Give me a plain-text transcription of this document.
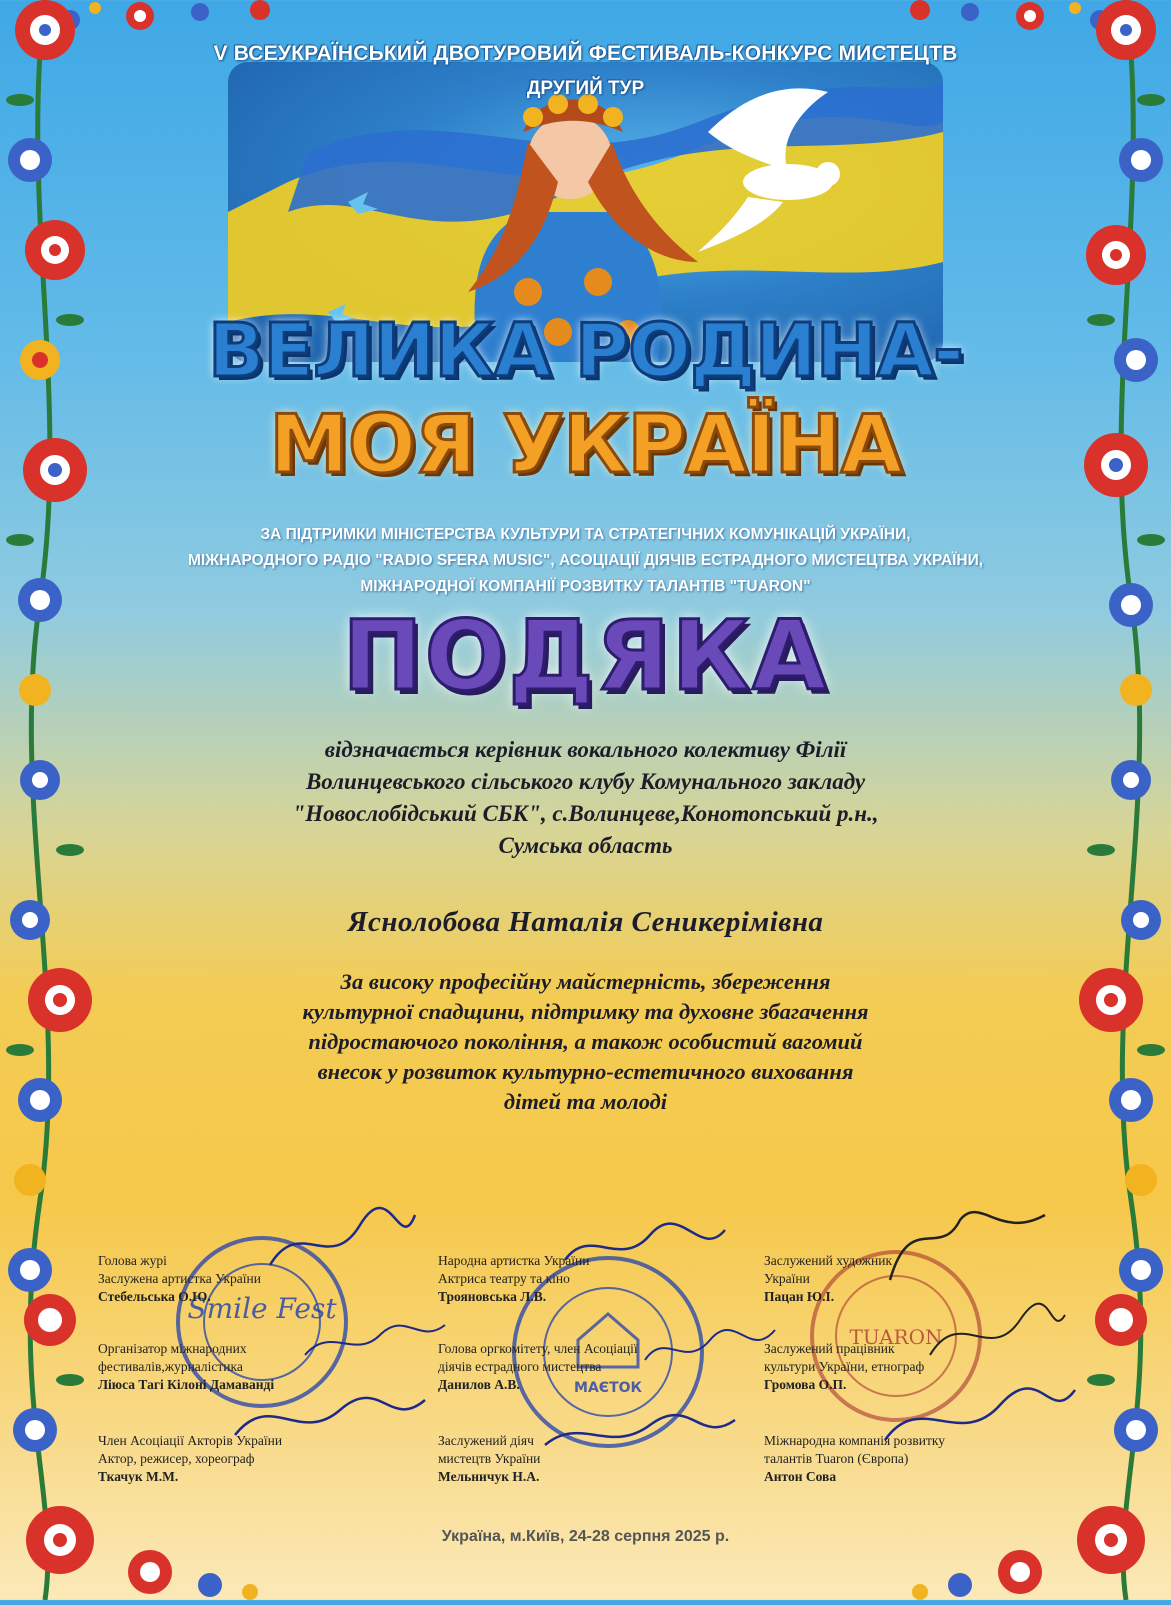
V ВСЕУКРАЇНСЬКИЙ ДВОТУРОВИЙ ФЕСТИВАЛЬ-КОНКУРС МИСТЕЦТВ
ДРУГИЙ ТУР
ВЕЛИКА РОДИНА-
МОЯ УКРАЇНА
ЗА ПІДТРИМКИ МІНІСТЕРСТВА КУЛЬТУРИ ТА СТРАТЕГІЧНИХ КОМУНІКАЦІЙ УКРАЇНИ,
МІЖНАРОДНОГО РАДІО "RADIO SFERA MUSIC", АСОЦІАЦІЇ ДІЯЧІВ ЕСТРАДНОГО МИСТЕЦТВА УКРАЇНИ,
МІЖНАРОДНОЇ КОМПАНІЇ РОЗВИТКУ ТАЛАНТІВ "TUARON"
ПОДЯКА
відзначається керівник вокального колективу Філії
Волинцевського сільського клубу Комунального закладу
"Новослобідський СБК", с.Волинцеве,Конотопський р.н.,
Сумська область
Яснолобова Наталія Сеникерімівна
За високу професійну майстерність, збереження
культурної спадщини, підтримку та духовне збагачення
підростаючого покоління, а також особистий вагомий
внесок у розвиток культурно-естетичного виховання
дітей та молоді
Smile Fest
МАЄТОК
TUARON
Голова журі
Заслужена артистка України
Стебельська О.Ю.
Народна артистка України
Актриса театру та кіно
Трояновська Л.В.
Заслужений художник
України
Пацан Ю.І.
Організатор міжнародних
фестивалів,журналістика
Ліюса Тагі Кілоні Дамаванді
Голова оргкомітету, член Асоціації
діячів естрадного мистецтва
Данилов А.В.
Заслужений працівник
культури України, етнограф
Громова О.П.
Член Асоціації Акторів України
Актор, режисер, хореограф
Ткачук М.М.
Заслужений діяч
мистецтв України
Мельничук Н.А.
Міжнародна компанія розвитку
талантів Tuaron (Європа)
Антон Сова
Україна, м.Київ, 24-28 серпня 2025 р.
